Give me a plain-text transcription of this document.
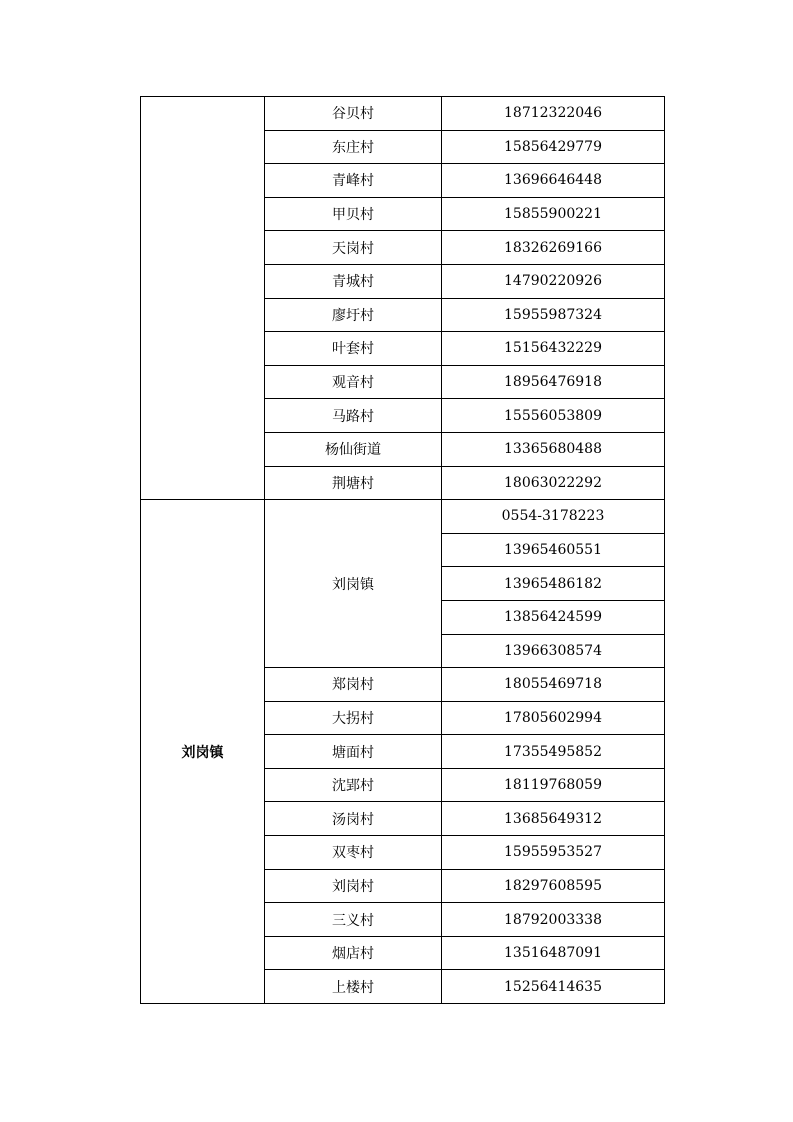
	谷贝村	18712322046
	东庄村	15856429779
	青峰村	13696646448
	甲贝村	15855900221
	天岗村	18326269166
	青城村	14790220926
	廖圩村	15955987324
	叶套村	15156432229
	观音村	18956476918
	马路村	15556053809
	杨仙街道	13365680488
	荆塘村	18063022292
刘岗镇	刘岗镇	0554-3178223
		13965460551
		13965486182
		13856424599
		13966308574
	郑岗村	18055469718
	大拐村	17805602994
	塘面村	17355495852
	沈郢村	18119768059
	汤岗村	13685649312
	双枣村	15955953527
	刘岗村	18297608595
	三义村	18792003338
	烟店村	13516487091
	上楼村	15256414635
